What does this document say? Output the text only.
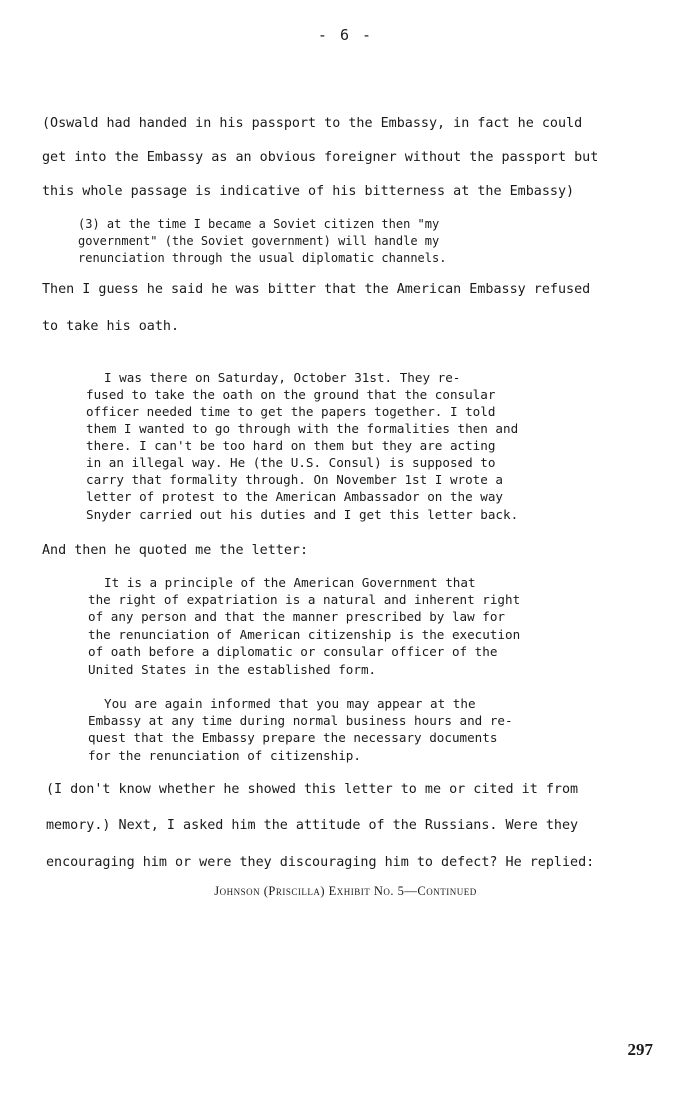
- 6 -
(Oswald had handed in his passport to the Embassy, in fact he could
get into the Embassy as an obvious foreigner without the passport but
this whole passage is indicative of his bitterness at the Embassy)
(3) at the time I became a Soviet citizen then "my
government" (the Soviet government) will handle my
renunciation through the usual diplomatic channels.
Then I guess he said he was bitter that the American Embassy refused
to take his oath.
I was there on Saturday, October 31st. They re-
fused to take the oath on the ground that the consular
officer needed time to get the papers together. I told
them I wanted to go through with the formalities then and
there. I can't be too hard on them but they are acting
in an illegal way. He (the U.S. Consul) is supposed to
carry that formality through. On November 1st I wrote a
letter of protest to the American Ambassador on the way
Snyder carried out his duties and I get this letter back.
And then he quoted me the letter:
It is a principle of the American Government that
the right of expatriation is a natural and inherent right
of any person and that the manner prescribed by law for
the renunciation of American citizenship is the execution
of oath before a diplomatic or consular officer of the
United States in the established form.
You are again informed that you may appear at the
Embassy at any time during normal business hours and re-
quest that the Embassy prepare the necessary documents
for the renunciation of citizenship.
(I don't know whether he showed this letter to me or cited it from
memory.) Next, I asked him the attitude of the Russians. Were they
encouraging him or were they discouraging him to defect? He replied:
Johnson (Priscilla) Exhibit No. 5—Continued
297
